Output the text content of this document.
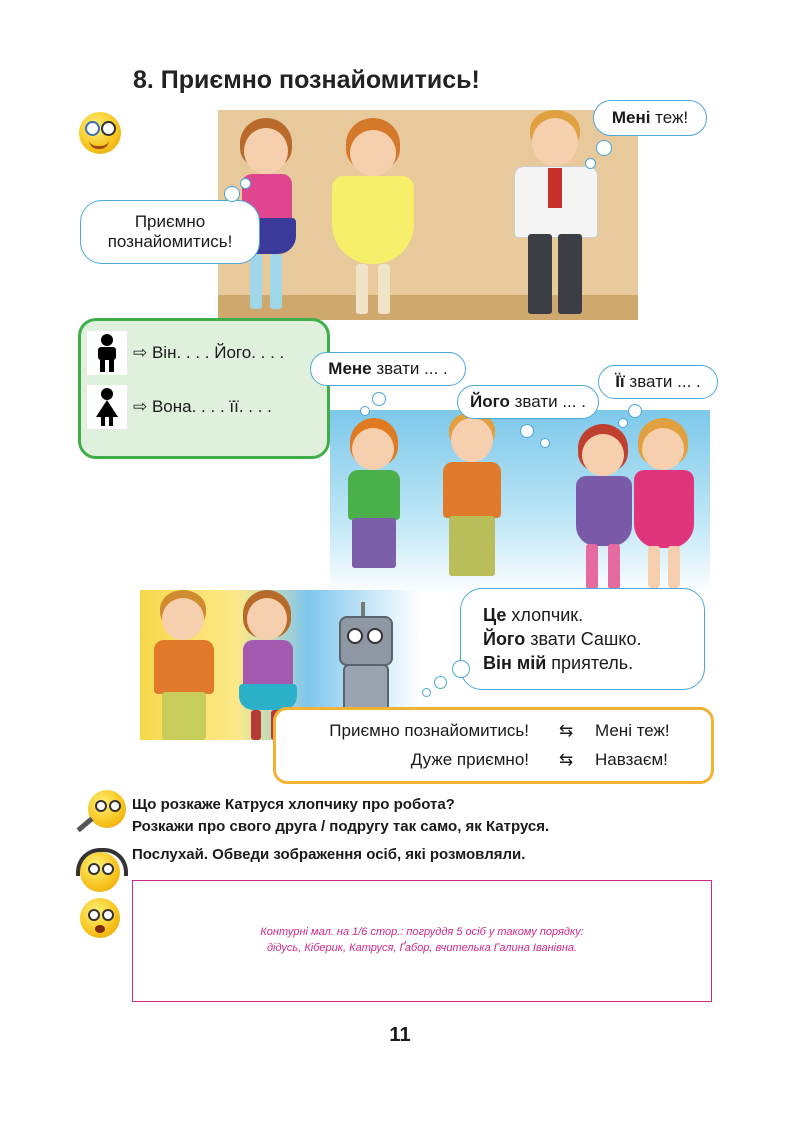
8. Приємно познайомитись!
Приємно
познайомитись!
Мені теж!
⇨ Він. . . . Його. . . .
⇨ Вона. . . . її. . . .
Мене звати ... .
Його звати ... .
Її звати ... .
Це хлопчик.
Його звати Сашко.
Він мій приятель.
Приємно познайомитись! ⇆ Мені теж!
Дуже приємно! ⇆ Навзаєм!
Що розкаже Катруся хлопчику про робота?
Розкажи про свого друга / подругу так само, як Катруся.
Послухай. Обведи зображення осіб, які розмовляли.
Контурні мал. на 1/6 стор.: погруддя 5 осіб у такому порядку:
дідусь, Кіберик, Катруся, Ґабор, вчителька Галина Іванівна.
11
